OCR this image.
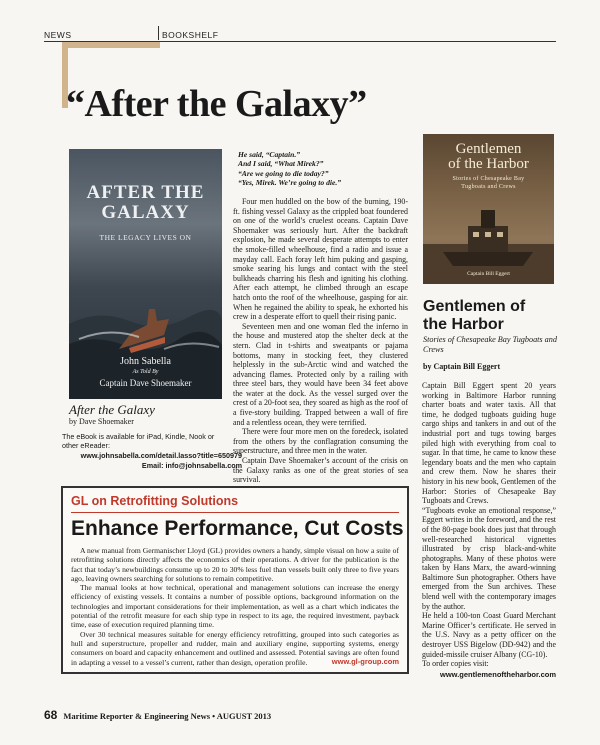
NEWS	BOOKSHELF
“After the Galaxy”
AFTER THE
GALAXY
THE LEGACY LIVES ON
John Sabella
As Told By
Captain Dave Shoemaker
After the Galaxy
by Dave Shoemaker
The eBook is available for iPad, Kindle, Nook or other eReader:
www.johnsabella.com/detail.lasso?title=650979
Email: info@johnsabella.com

He said, “Captain.”

And I said, “What Mirek?”

“Are we going to die today?”

“Yes, Mirek. We’re going to die.”

Four men huddled on the bow of the burning, 190-ft. fishing vessel Galaxy as the crippled boat foundered on one of the world’s cruelest oceans. Captain Dave Shoemaker was seriously hurt. After the backdraft explosion, he made several desperate attempts to enter the smoke-filled wheelhouse, find a radio and issue a mayday call. Each foray left him puking and gasping, smoke searing his lungs and contact with the steel bulkheads charring his flesh and igniting his clothing. After each attempt, he climbed through an escape hatch onto the roof of the wheelhouse, gasping for air. When he regained the ability to speak, he exhorted his crew in a desperate effort to quell their rising panic.

Seventeen men and one woman fled the inferno in the house and mustered atop the shelter deck at the stern. Clad in t-shirts and sweatpants or pajama bottoms, many in stocking feet, they clustered helplessly in the sub-Arctic wind and watched the advancing flames. Protected only by a railing with three steel bars, they would have been 34 feet above the water at the dock. As the vessel surged over the crest of a 20-foot sea, they soared as high as the roof of a five-story building. Trapped between a wall of fire and a relentless ocean, they were terrified.

There were four more men on the foredeck, isolated from the others by the conflagration consuming the superstructure, and three men in the water.

Captain Dave Shoemaker’s account of the crisis on the Galaxy ranks as one of the great stories of sea survival.

Gentlemen
of the Harbor
Stories of Chesapeake Bay
Tugboats and Crews
Captain Bill Eggert
Gentlemen of
the Harbor
Stories of Chesapeake Bay Tugboats and Crews
by Captain Bill Eggert

Captain Bill Eggert spent 20 years working in Baltimore Harbor running charter boats and water taxis. All that time, he dodged tugboats guiding huge cargo ships and tankers in and out of the industrial port and tugs towing barges piled high with everything from coal to sugar. In that time, he came to know these legendary boats and the men who captain and crew them. Now he shares their history in his new book, Gentlemen of the Harbor: Stories of Chesapeake Bay Tugboats and Crews.

“Tugboats evoke an emotional response,” Eggert writes in the foreword, and the rest of the 80-page book does just that through well-researched historical vignettes illustrated by crisp black-and-white photographs. Many of these photos were taken by Hans Marx, the award-winning Baltimore Sun photographer. Others have emerged from the Sun archives. These blend well with the contemporary images by the author.

He held a 100-ton Coast Guard Merchant Marine Officer’s certificate. He served in the U.S. Navy as a petty officer on the destroyer USS Bigelow (DD-942) and the guided-missile cruiser Albany (CG-10).

To order copies visit:

www.gentlemenoftheharbor.com
GL on Retrofitting Solutions
Enhance Performance, Cut Costs

A new manual from Germanischer Lloyd (GL) provides owners a handy, simple visual on how a suite of retrofitting solutions directly affects the economics of their operations. A driver for the publication is the fact that today’s newbuildings consume up to 20 to 30% less fuel than vessels built only three to five years ago, leaving owners searching for solutions to remain competitive.

The manual looks at how technical, operational and management solutions can increase the energy efficiency of existing vessels. It contains a number of possible options, background information on the technologies and important considerations for their implementation, as well as a chart which indicates the potential of the retrofit measure for each ship type in respect to its age, the required investment, payback time, ease of execution required planning time.

Over 30 technical measures suitable for energy efficiency retrofitting, grouped into such categories as hull and superstructure, propeller and rudder, main and auxiliary engine, supporting systems, energy consumers on board and capacity enhancement and outlined and assessed. Potential savings are often found in adapting a vessel to a vessel’s current, rather than design, operation profile.	www.gl-group.com
68 Maritime Reporter & Engineering News • AUGUST 2013
